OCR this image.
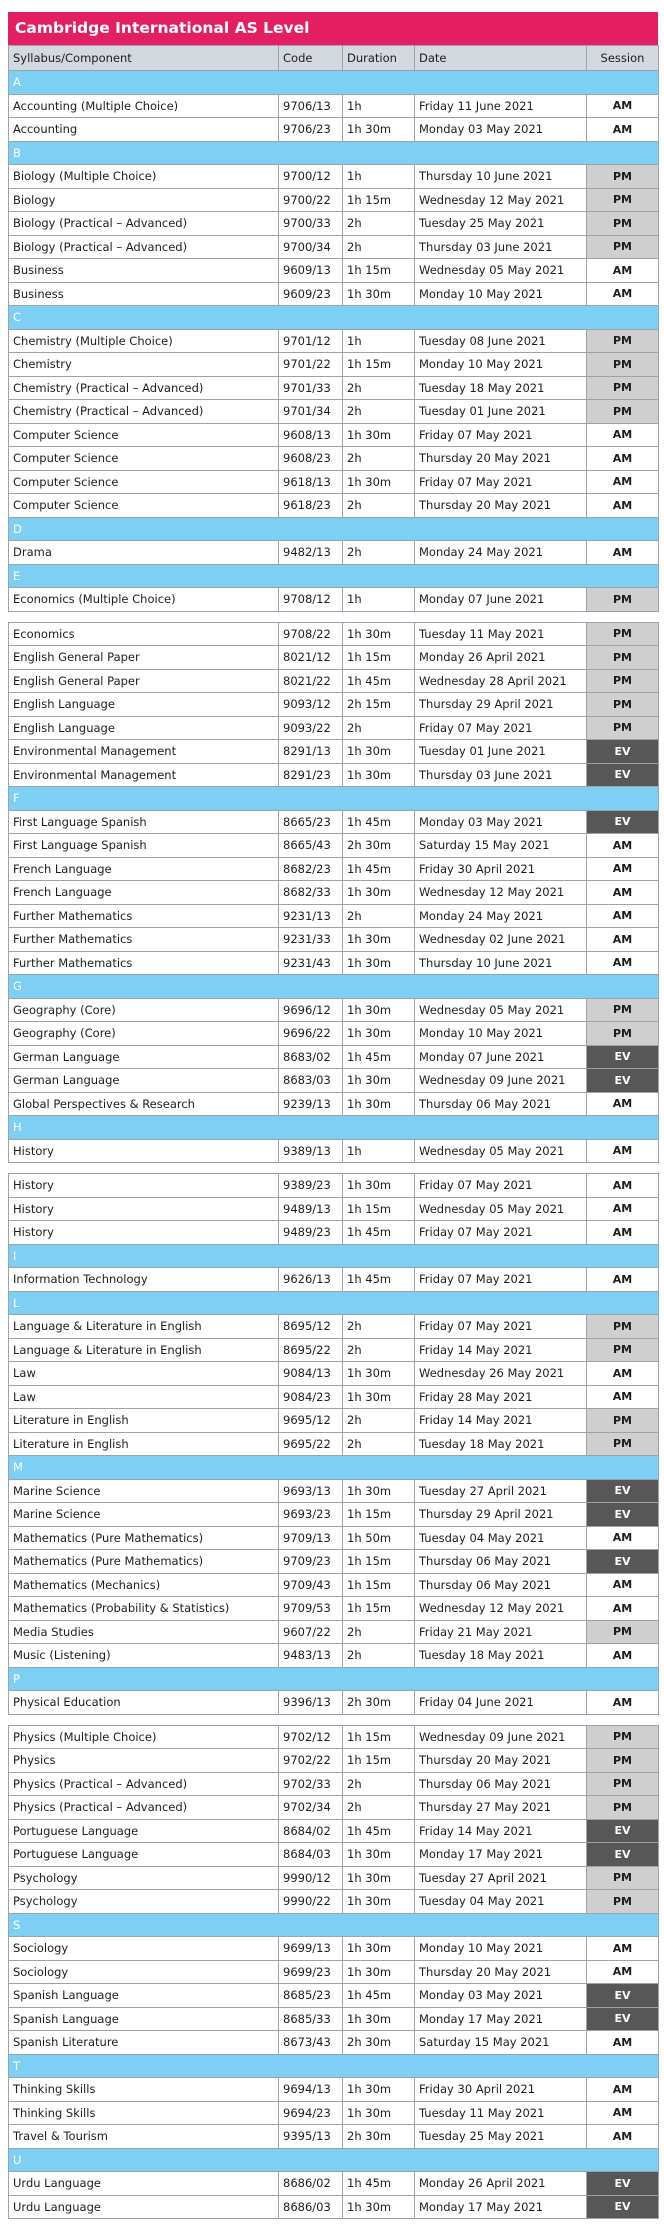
Cambridge International AS Level
Syllabus/Component	Code	Duration	Date	Session
A				
Accounting (Multiple Choice)	9706/13	1h	Friday 11 June 2021	AM
Accounting	9706/23	1h 30m	Monday 03 May 2021	AM
B				
Biology (Multiple Choice)	9700/12	1h	Thursday 10 June 2021	PM
Biology	9700/22	1h 15m	Wednesday 12 May 2021	PM
Biology (Practical – Advanced)	9700/33	2h	Tuesday 25 May 2021	PM
Biology (Practical – Advanced)	9700/34	2h	Thursday 03 June 2021	PM
Business	9609/13	1h 15m	Wednesday 05 May 2021	AM
Business	9609/23	1h 30m	Monday 10 May 2021	AM
C				
Chemistry (Multiple Choice)	9701/12	1h	Tuesday 08 June 2021	PM
Chemistry	9701/22	1h 15m	Monday 10 May 2021	PM
Chemistry (Practical – Advanced)	9701/33	2h	Tuesday 18 May 2021	PM
Chemistry (Practical – Advanced)	9701/34	2h	Tuesday 01 June 2021	PM
Computer Science	9608/13	1h 30m	Friday 07 May 2021	AM
Computer Science	9608/23	2h	Thursday 20 May 2021	AM
Computer Science	9618/13	1h 30m	Friday 07 May 2021	AM
Computer Science	9618/23	2h	Thursday 20 May 2021	AM
D				
Drama	9482/13	2h	Monday 24 May 2021	AM
E				
Economics (Multiple Choice)	9708/12	1h	Monday 07 June 2021	PM

Economics	9708/22	1h 30m	Tuesday 11 May 2021	PM
English General Paper	8021/12	1h 15m	Monday 26 April 2021	PM
English General Paper	8021/22	1h 45m	Wednesday 28 April 2021	PM
English Language	9093/12	2h 15m	Thursday 29 April 2021	PM
English Language	9093/22	2h	Friday 07 May 2021	PM
Environmental Management	8291/13	1h 30m	Tuesday 01 June 2021	EV
Environmental Management	8291/23	1h 30m	Thursday 03 June 2021	EV
F				
First Language Spanish	8665/23	1h 45m	Monday 03 May 2021	EV
First Language Spanish	8665/43	2h 30m	Saturday 15 May 2021	AM
French Language	8682/23	1h 45m	Friday 30 April 2021	AM
French Language	8682/33	1h 30m	Wednesday 12 May 2021	AM
Further Mathematics	9231/13	2h	Monday 24 May 2021	AM
Further Mathematics	9231/33	1h 30m	Wednesday 02 June 2021	AM
Further Mathematics	9231/43	1h 30m	Thursday 10 June 2021	AM
G				
Geography (Core)	9696/12	1h 30m	Wednesday 05 May 2021	PM
Geography (Core)	9696/22	1h 30m	Monday 10 May 2021	PM
German Language	8683/02	1h 45m	Monday 07 June 2021	EV
German Language	8683/03	1h 30m	Wednesday 09 June 2021	EV
Global Perspectives & Research	9239/13	1h 30m	Thursday 06 May 2021	AM
H				
History	9389/13	1h	Wednesday 05 May 2021	AM

History	9389/23	1h 30m	Friday 07 May 2021	AM
History	9489/13	1h 15m	Wednesday 05 May 2021	AM
History	9489/23	1h 45m	Friday 07 May 2021	AM
I				
Information Technology	9626/13	1h 45m	Friday 07 May 2021	AM
L				
Language & Literature in English	8695/12	2h	Friday 07 May 2021	PM
Language & Literature in English	8695/22	2h	Friday 14 May 2021	PM
Law	9084/13	1h 30m	Wednesday 26 May 2021	AM
Law	9084/23	1h 30m	Friday 28 May 2021	AM
Literature in English	9695/12	2h	Friday 14 May 2021	PM
Literature in English	9695/22	2h	Tuesday 18 May 2021	PM
M				
Marine Science	9693/13	1h 30m	Tuesday 27 April 2021	EV
Marine Science	9693/23	1h 15m	Thursday 29 April 2021	EV
Mathematics (Pure Mathematics)	9709/13	1h 50m	Tuesday 04 May 2021	AM
Mathematics (Pure Mathematics)	9709/23	1h 15m	Thursday 06 May 2021	EV
Mathematics (Mechanics)	9709/43	1h 15m	Thursday 06 May 2021	AM
Mathematics (Probability & Statistics)	9709/53	1h 15m	Wednesday 12 May 2021	AM
Media Studies	9607/22	2h	Friday 21 May 2021	PM
Music (Listening)	9483/13	2h	Tuesday 18 May 2021	AM
P				
Physical Education	9396/13	2h 30m	Friday 04 June 2021	AM

Physics (Multiple Choice)	9702/12	1h 15m	Wednesday 09 June 2021	PM
Physics	9702/22	1h 15m	Thursday 20 May 2021	PM
Physics (Practical – Advanced)	9702/33	2h	Thursday 06 May 2021	PM
Physics (Practical – Advanced)	9702/34	2h	Thursday 27 May 2021	PM
Portuguese Language	8684/02	1h 45m	Friday 14 May 2021	EV
Portuguese Language	8684/03	1h 30m	Monday 17 May 2021	EV
Psychology	9990/12	1h 30m	Tuesday 27 April 2021	PM
Psychology	9990/22	1h 30m	Tuesday 04 May 2021	PM
S				
Sociology	9699/13	1h 30m	Monday 10 May 2021	AM
Sociology	9699/23	1h 30m	Thursday 20 May 2021	AM
Spanish Language	8685/23	1h 45m	Monday 03 May 2021	EV
Spanish Language	8685/33	1h 30m	Monday 17 May 2021	EV
Spanish Literature	8673/43	2h 30m	Saturday 15 May 2021	AM
T				
Thinking Skills	9694/13	1h 30m	Friday 30 April 2021	AM
Thinking Skills	9694/23	1h 30m	Tuesday 11 May 2021	AM
Travel & Tourism	9395/13	2h 30m	Tuesday 25 May 2021	AM
U				
Urdu Language	8686/02	1h 45m	Monday 26 April 2021	EV
Urdu Language	8686/03	1h 30m	Monday 17 May 2021	EV
